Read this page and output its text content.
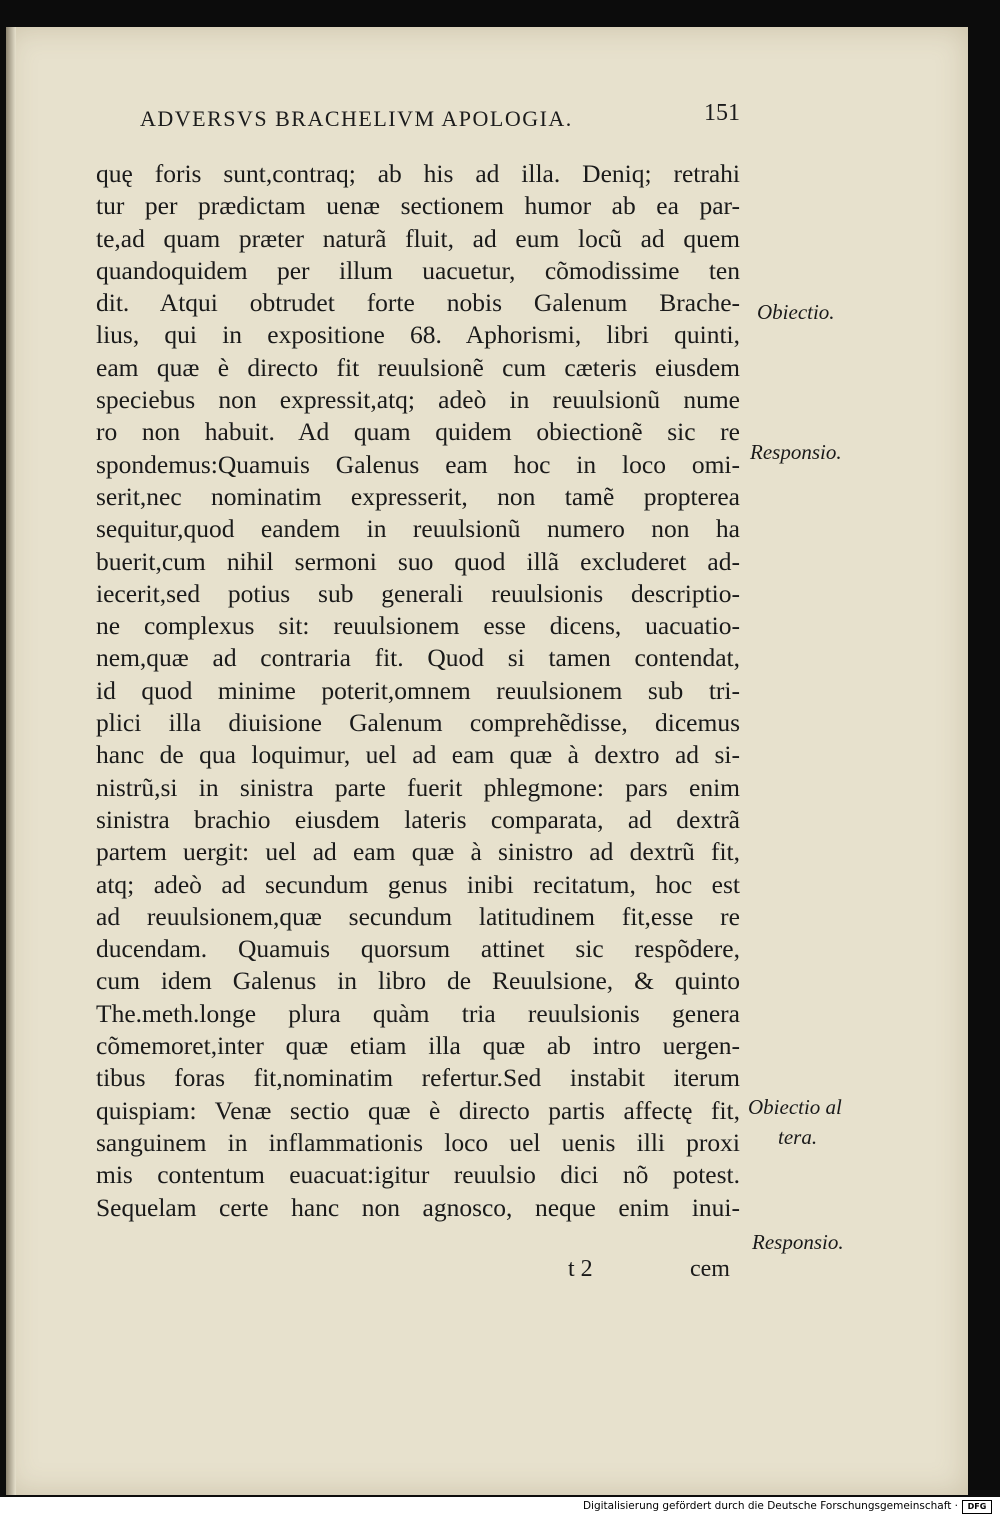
ADVERSVS BRACHELIVM APOLOGIA.	151
quę foris sunt,contraq; ab his ad illa. Deniq; retrahi
tur per prædictam uenæ sectionem humor ab ea par-
te,ad quam præter naturã fluit, ad eum locũ ad quem
quandoquidem per illum uacuetur, cõmodissime ten
dit. Atqui obtrudet forte nobis Galenum Brache-
lius, qui in expositione 68. Aphorismi, libri quinti,
eam quæ è directo fit reuulsionẽ cum cæteris eiusdem
speciebus non expressit,atq; adeò in reuulsionũ nume
ro non habuit. Ad quam quidem obiectionẽ sic re
spondemus:Quamuis Galenus eam hoc in loco omi-
serit,nec nominatim expresserit, non tamẽ propterea
sequitur,quod eandem in reuulsionũ numero non ha
buerit,cum nihil sermoni suo quod illã excluderet ad-
iecerit,sed potius sub generali reuulsionis descriptio-
ne complexus sit: reuulsionem esse dicens, uacuatio-
nem,quæ ad contraria fit. Quod si tamen contendat,
id quod minime poterit,omnem reuulsionem sub tri-
plici illa diuisione Galenum comprehẽdisse, dicemus
hanc de qua loquimur, uel ad eam quæ à dextro ad si-
nistrũ,si in sinistra parte fuerit phlegmone: pars enim
sinistra brachio eiusdem lateris comparata, ad dextrã
partem uergit: uel ad eam quæ à sinistro ad dextrũ fit,
atq; adeò ad secundum genus inibi recitatum, hoc est
ad reuulsionem,quæ secundum latitudinem fit,esse re
ducendam. Quamuis quorsum attinet sic respõdere,
cum idem Galenus in libro de Reuulsione, & quinto
The.meth.longe plura quàm tria reuulsionis genera
cõmemoret,inter quæ etiam illa quæ ab intro uergen-
tibus foras fit,nominatim refertur.Sed instabit iterum
quispiam: Venæ sectio quæ è directo partis affectę fit,
sanguinem in inflammationis loco uel uenis illi proxi
mis contentum euacuat:igitur reuulsio dici nõ potest.
Sequelam certe hanc non agnosco, neque enim inui-
Obiectio.
Responsio.
Obiectio al
tera.
Responsio.
t 2	cem
Digitalisierung gefördert durch die Deutsche Forschungsgemeinschaft ·	DFG
